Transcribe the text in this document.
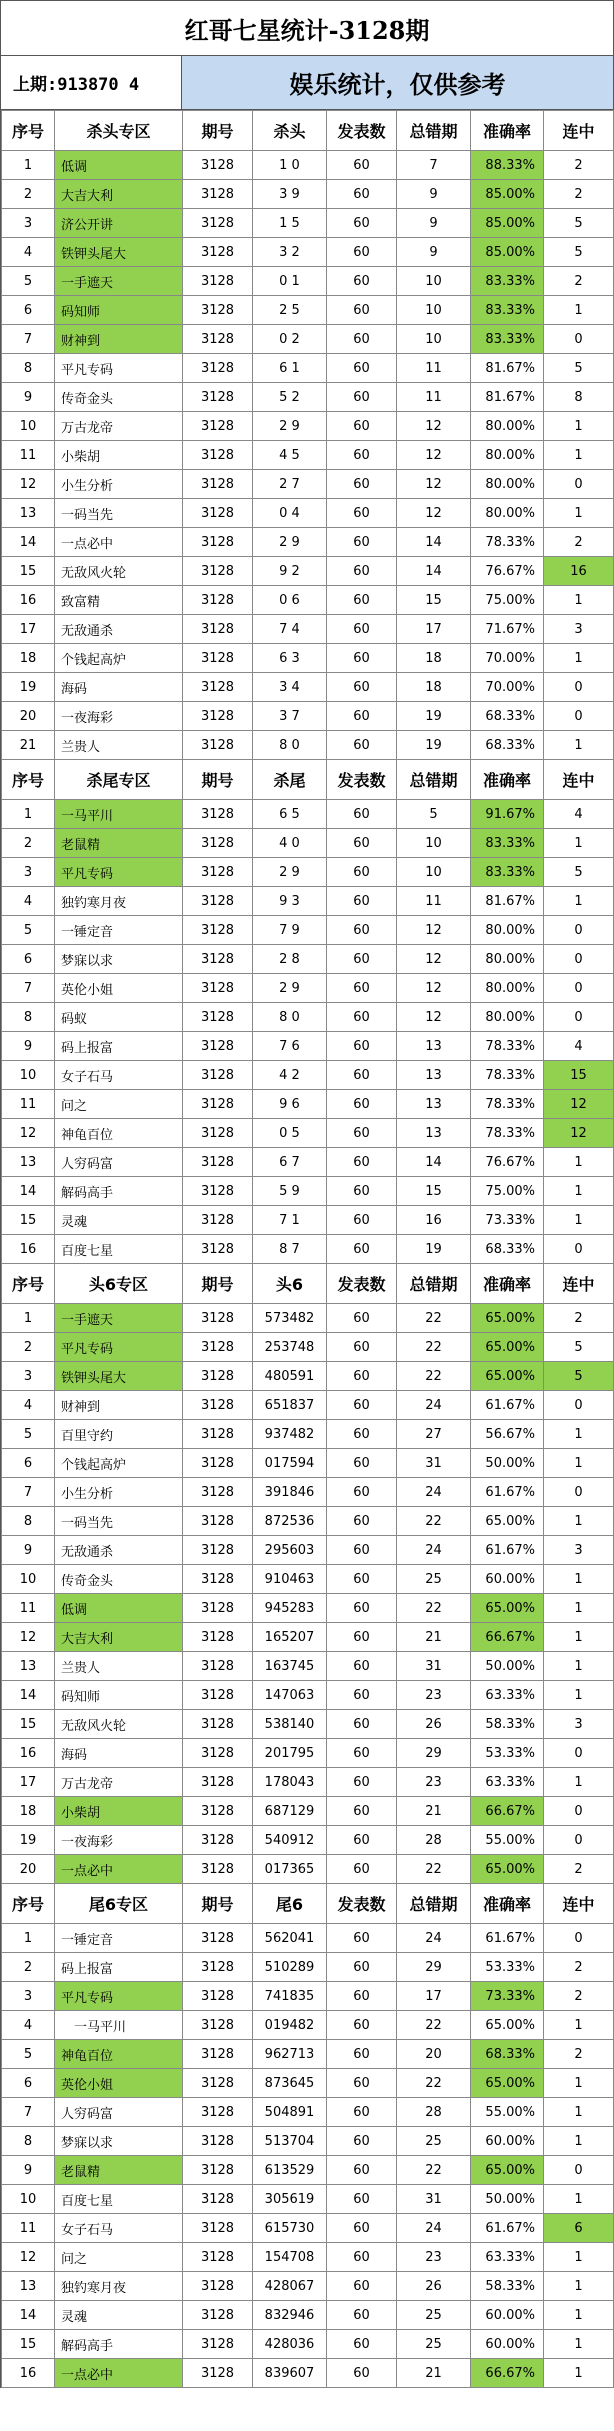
红哥七星统计-3128期
上期:913870 4	娱乐统计，仅供参考
序号	杀头专区	期号	杀头	发表数	总错期	准确率	连中
1	低调	3128	1 0	60	7	88.33%	2
2	大吉大利	3128	3 9	60	9	85.00%	2
3	济公开讲	3128	1 5	60	9	85.00%	5
4	铁钾头尾大	3128	3 2	60	9	85.00%	5
5	一手遮天	3128	0 1	60	10	83.33%	2
6	码知师	3128	2 5	60	10	83.33%	1
7	财神到	3128	0 2	60	10	83.33%	0
8	平凡专码	3128	6 1	60	11	81.67%	5
9	传奇金头	3128	5 2	60	11	81.67%	8
10	万古龙帝	3128	2 9	60	12	80.00%	1
11	小柴胡	3128	4 5	60	12	80.00%	1
12	小生分析	3128	2 7	60	12	80.00%	0
13	一码当先	3128	0 4	60	12	80.00%	1
14	一点必中	3128	2 9	60	14	78.33%	2
15	无敌风火轮	3128	9 2	60	14	76.67%	16
16	致富精	3128	0 6	60	15	75.00%	1
17	无敌通杀	3128	7 4	60	17	71.67%	3
18	个钱起高炉	3128	6 3	60	18	70.00%	1
19	海码	3128	3 4	60	18	70.00%	0
20	一夜海彩	3128	3 7	60	19	68.33%	0
21	兰贵人	3128	8 0	60	19	68.33%	1
序号	杀尾专区	期号	杀尾	发表数	总错期	准确率	连中
1	一马平川	3128	6 5	60	5	91.67%	4
2	老鼠精	3128	4 0	60	10	83.33%	1
3	平凡专码	3128	2 9	60	10	83.33%	5
4	独钓寒月夜	3128	9 3	60	11	81.67%	1
5	一锤定音	3128	7 9	60	12	80.00%	0
6	梦寐以求	3128	2 8	60	12	80.00%	0
7	英伦小姐	3128	2 9	60	12	80.00%	0
8	码蚁	3128	8 0	60	12	80.00%	0
9	码上报富	3128	7 6	60	13	78.33%	4
10	女子石马	3128	4 2	60	13	78.33%	15
11	问之	3128	9 6	60	13	78.33%	12
12	神龟百位	3128	0 5	60	13	78.33%	12
13	人穷码富	3128	6 7	60	14	76.67%	1
14	解码高手	3128	5 9	60	15	75.00%	1
15	灵魂	3128	7 1	60	16	73.33%	1
16	百度七星	3128	8 7	60	19	68.33%	0
序号	头6专区	期号	头6	发表数	总错期	准确率	连中
1	一手遮天	3128	573482	60	22	65.00%	2
2	平凡专码	3128	253748	60	22	65.00%	5
3	铁钾头尾大	3128	480591	60	22	65.00%	5
4	财神到	3128	651837	60	24	61.67%	0
5	百里守约	3128	937482	60	27	56.67%	1
6	个钱起高炉	3128	017594	60	31	50.00%	1
7	小生分析	3128	391846	60	24	61.67%	0
8	一码当先	3128	872536	60	22	65.00%	1
9	无敌通杀	3128	295603	60	24	61.67%	3
10	传奇金头	3128	910463	60	25	60.00%	1
11	低调	3128	945283	60	22	65.00%	1
12	大吉大利	3128	165207	60	21	66.67%	1
13	兰贵人	3128	163745	60	31	50.00%	1
14	码知师	3128	147063	60	23	63.33%	1
15	无敌风火轮	3128	538140	60	26	58.33%	3
16	海码	3128	201795	60	29	53.33%	0
17	万古龙帝	3128	178043	60	23	63.33%	1
18	小柴胡	3128	687129	60	21	66.67%	0
19	一夜海彩	3128	540912	60	28	55.00%	0
20	一点必中	3128	017365	60	22	65.00%	2
序号	尾6专区	期号	尾6	发表数	总错期	准确率	连中
1	一锤定音	3128	562041	60	24	61.67%	0
2	码上报富	3128	510289	60	29	53.33%	2
3	平凡专码	3128	741835	60	17	73.33%	2
4	　一马平川	3128	019482	60	22	65.00%	1
5	神龟百位	3128	962713	60	20	68.33%	2
6	英伦小姐	3128	873645	60	22	65.00%	1
7	人穷码富	3128	504891	60	28	55.00%	1
8	梦寐以求	3128	513704	60	25	60.00%	1
9	老鼠精	3128	613529	60	22	65.00%	0
10	百度七星	3128	305619	60	31	50.00%	1
11	女子石马	3128	615730	60	24	61.67%	6
12	问之	3128	154708	60	23	63.33%	1
13	独钓寒月夜	3128	428067	60	26	58.33%	1
14	灵魂	3128	832946	60	25	60.00%	1
15	解码高手	3128	428036	60	25	60.00%	1
16	一点必中	3128	839607	60	21	66.67%	1
